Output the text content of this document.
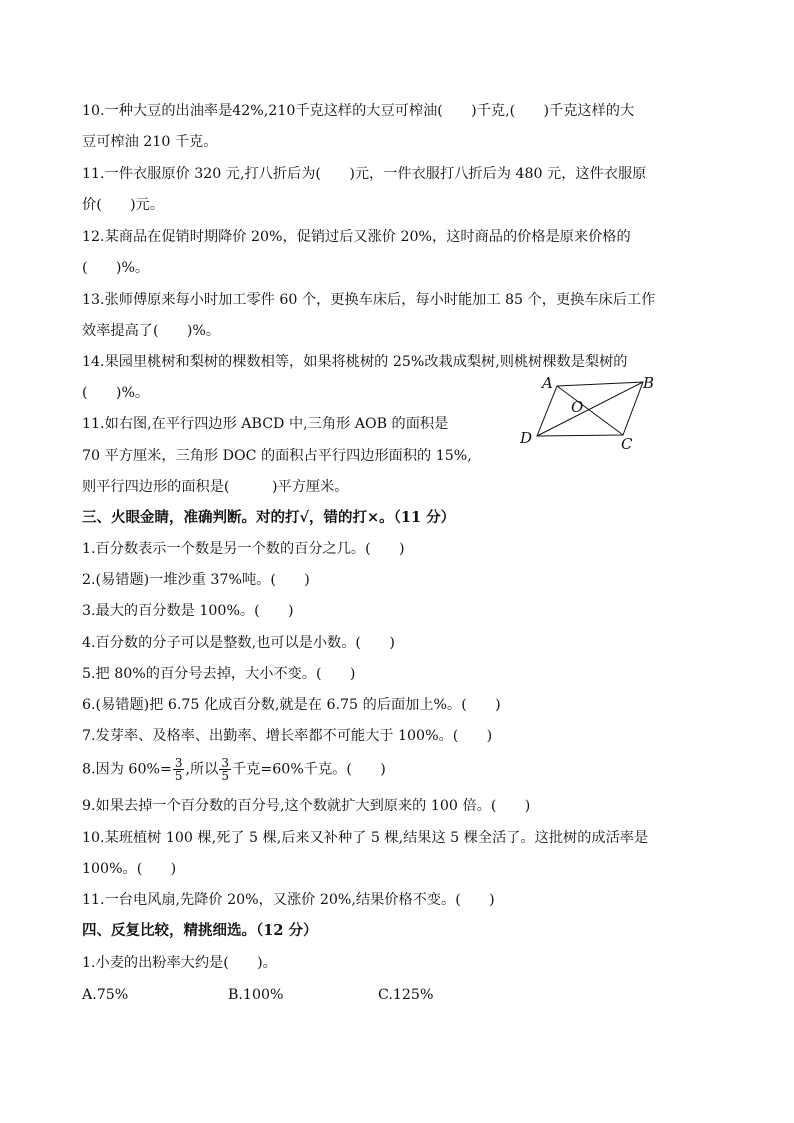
10.一种大豆的出油率是42%,210千克这样的大豆可榨油(　　)千克,(　　)千克这样的大
豆可榨油 210 千克。
11.一件衣服原价 320 元,打八折后为(　　)元，一件衣服打八折后为 480 元，这件衣服原
价(　　)元。
12.某商品在促销时期降价 20%，促销过后又涨价 20%，这时商品的价格是原来价格的
(　　)%。
13.张师傅原来每小时加工零件 60 个，更换车床后，每小时能加工 85 个，更换车床后工作
效率提高了(　　)%。
14.果园里桃树和梨树的棵数相等，如果将桃树的 25%改栽成梨树,则桃树棵数是梨树的
(　　)%。
11.如右图,在平行四边形 ABCD 中,三角形 AOB 的面积是
70 平方厘米，三角形 DOC 的面积占平行四边形面积的 15%,
则平行四边形的面积是(　　　)平方厘米。
A	B
C
D
O
三、火眼金睛，准确判断。对的打√，错的打×。（11 分）
1.百分数表示一个数是另一个数的百分之几。(　　)
2.(易错题)一堆沙重 37%吨。(　　)
3.最大的百分数是 100%。(　　)
4.百分数的分子可以是整数,也可以是小数。(　　)
5.把 80%的百分号去掉，大小不变。(　　)
6.(易错题)把 6.75 化成百分数,就是在 6.75 的后面加上%。(　　)
7.发芽率、及格率、出勤率、增长率都不可能大于 100%。(　　)
8.因为 $60\%= \frac{3}{5}$ ,所以 $\frac{3}{5}$ 千克=60%千克。(　　)
9.如果去掉一个百分数的百分号,这个数就扩大到原来的 100 倍。(　　)
10.某班植树 100 棵,死了 5 棵,后来又补种了 5 棵,结果这 5 棵全活了。这批树的成活率是
100%。(　　)
11.一台电风扇,先降价 20%，又涨价 20%,结果价格不变。(　　)
四、反复比较，精挑细选。（12 分）
1.小麦的出粉率大约是(　　)。
A.75%	B.100%	C.125%
